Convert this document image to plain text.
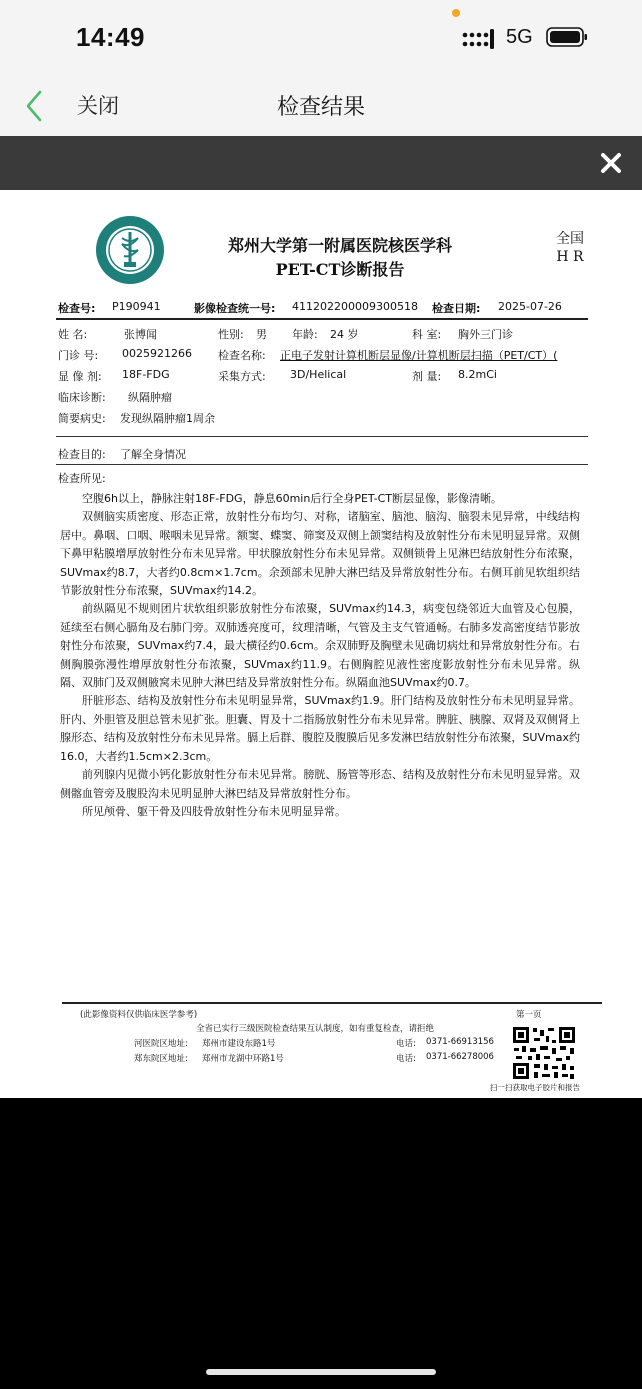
14:49	5G
关闭	检查结果
郑州大学第一附属医院核医学科
PET-CT诊断报告
全国
H R
检查号: P190941	影像检查统一号: 411202200009300518 检查日期: 2025-07-26
姓 名:	张博闻	性别: 男 年龄: 24 岁	科 室: 胸外三门诊
门诊 号: 0025921266 检查名称: 正电子发射计算机断层显像/计算机断层扫描（PET/CT）(
显 像 剂: 18F-FDG	采集方式: 3D/Helical	剂 量: 8.2mCi
临床诊断: 纵隔肿瘤
简要病史: 发现纵隔肿瘤1周余
检查目的: 了解全身情况
检查所见:

空腹6h以上，静脉注射18F-FDG，静息60min后行全身PET-CT断层显像，影像清晰。

双侧脑实质密度、形态正常，放射性分布均匀、对称，诸脑室、脑池、脑沟、脑裂未见异常，中线结构居中。鼻咽、口咽、喉咽未见异常。额窦、蝶窦、筛窦及双侧上颌窦结构及放射性分布未见明显异常。双侧下鼻甲粘膜增厚放射性分布未见异常。甲状腺放射性分布未见异常。双侧锁骨上见淋巴结放射性分布浓聚，SUVmax约8.7，大者约0.8cm×1.7cm。余颈部未见肿大淋巴结及异常放射性分布。右侧耳前见软组织结节影放射性分布浓聚，SUVmax约14.2。

前纵隔见不规则团片状软组织影放射性分布浓聚，SUVmax约14.3，病变包绕邻近大血管及心包膜，延续至右侧心膈角及右肺门旁。双肺透亮度可，纹理清晰，气管及主支气管通畅。右肺多发高密度结节影放射性分布浓聚，SUVmax约7.4，最大横径约0.6cm。余双肺野及胸壁未见确切病灶和异常放射性分布。右侧胸膜弥漫性增厚放射性分布浓聚，SUVmax约11.9。右侧胸腔见液性密度影放射性分布未见异常。纵隔、双肺门及双侧腋窝未见肿大淋巴结及异常放射性分布。纵隔血池SUVmax约0.7。

肝脏形态、结构及放射性分布未见明显异常，SUVmax约1.9。肝门结构及放射性分布未见明显异常。肝内、外胆管及胆总管未见扩张。胆囊、胃及十二指肠放射性分布未见异常。脾脏、胰腺、双肾及双侧肾上腺形态、结构及放射性分布未见异常。膈上后群、腹腔及腹膜后见多发淋巴结放射性分布浓聚，SUVmax约16.0，大者约1.5cm×2.3cm。

前列腺内见微小钙化影放射性分布未见异常。膀胱、肠管等形态、结构及放射性分布未见明显异常。双侧髂血管旁及腹股沟未见明显肿大淋巴结及异常放射性分布。

所见颅骨、躯干骨及四肢骨放射性分布未见明显异常。

(此影像资料仅供临床医学参考)	第一页
全省已实行三级医院检查结果互认制度，如有重复检查，请拒绝
河医院区地址: 郑州市建设东路1号	电话: 0371-66913156
郑东院区地址: 郑州市龙湖中环路1号	电话: 0371-66278006
扫一扫获取电子胶片和报告
